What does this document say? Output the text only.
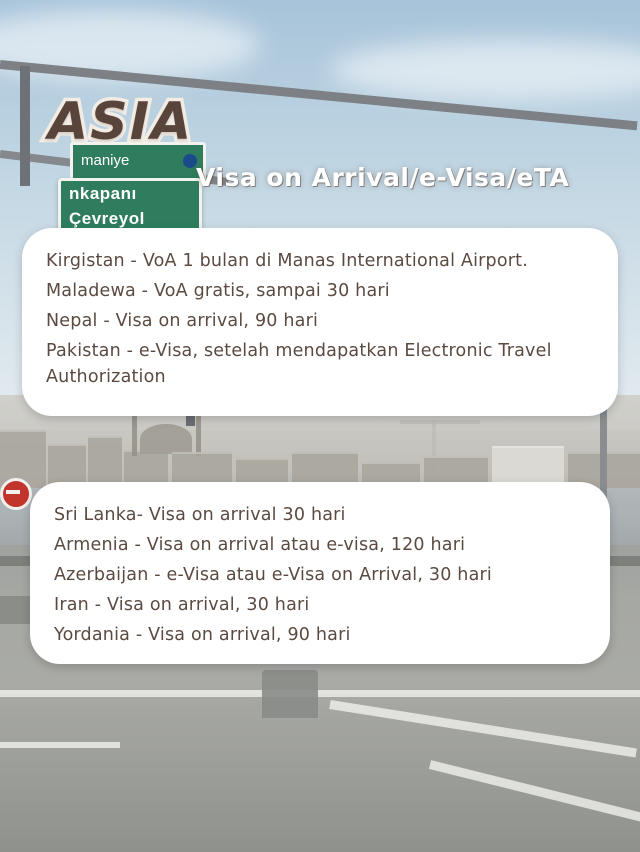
maniye
nkapanı
Çevreyol
ASIA
Visa on Arrival/e-Visa/eTA

Kirgistan - VoA 1 bulan di Manas International Airport.

Maladewa - VoA gratis, sampai 30 hari

Nepal - Visa on arrival, 90 hari

Pakistan - e-Visa, setelah mendapatkan Electronic Travel Authorization

Sri Lanka- Visa on arrival 30 hari

Armenia - Visa on arrival atau e-visa, 120 hari

Azerbaijan - e-Visa atau e-Visa on Arrival, 30 hari

Iran - Visa on arrival, 30 hari

Yordania - Visa on arrival, 90 hari
